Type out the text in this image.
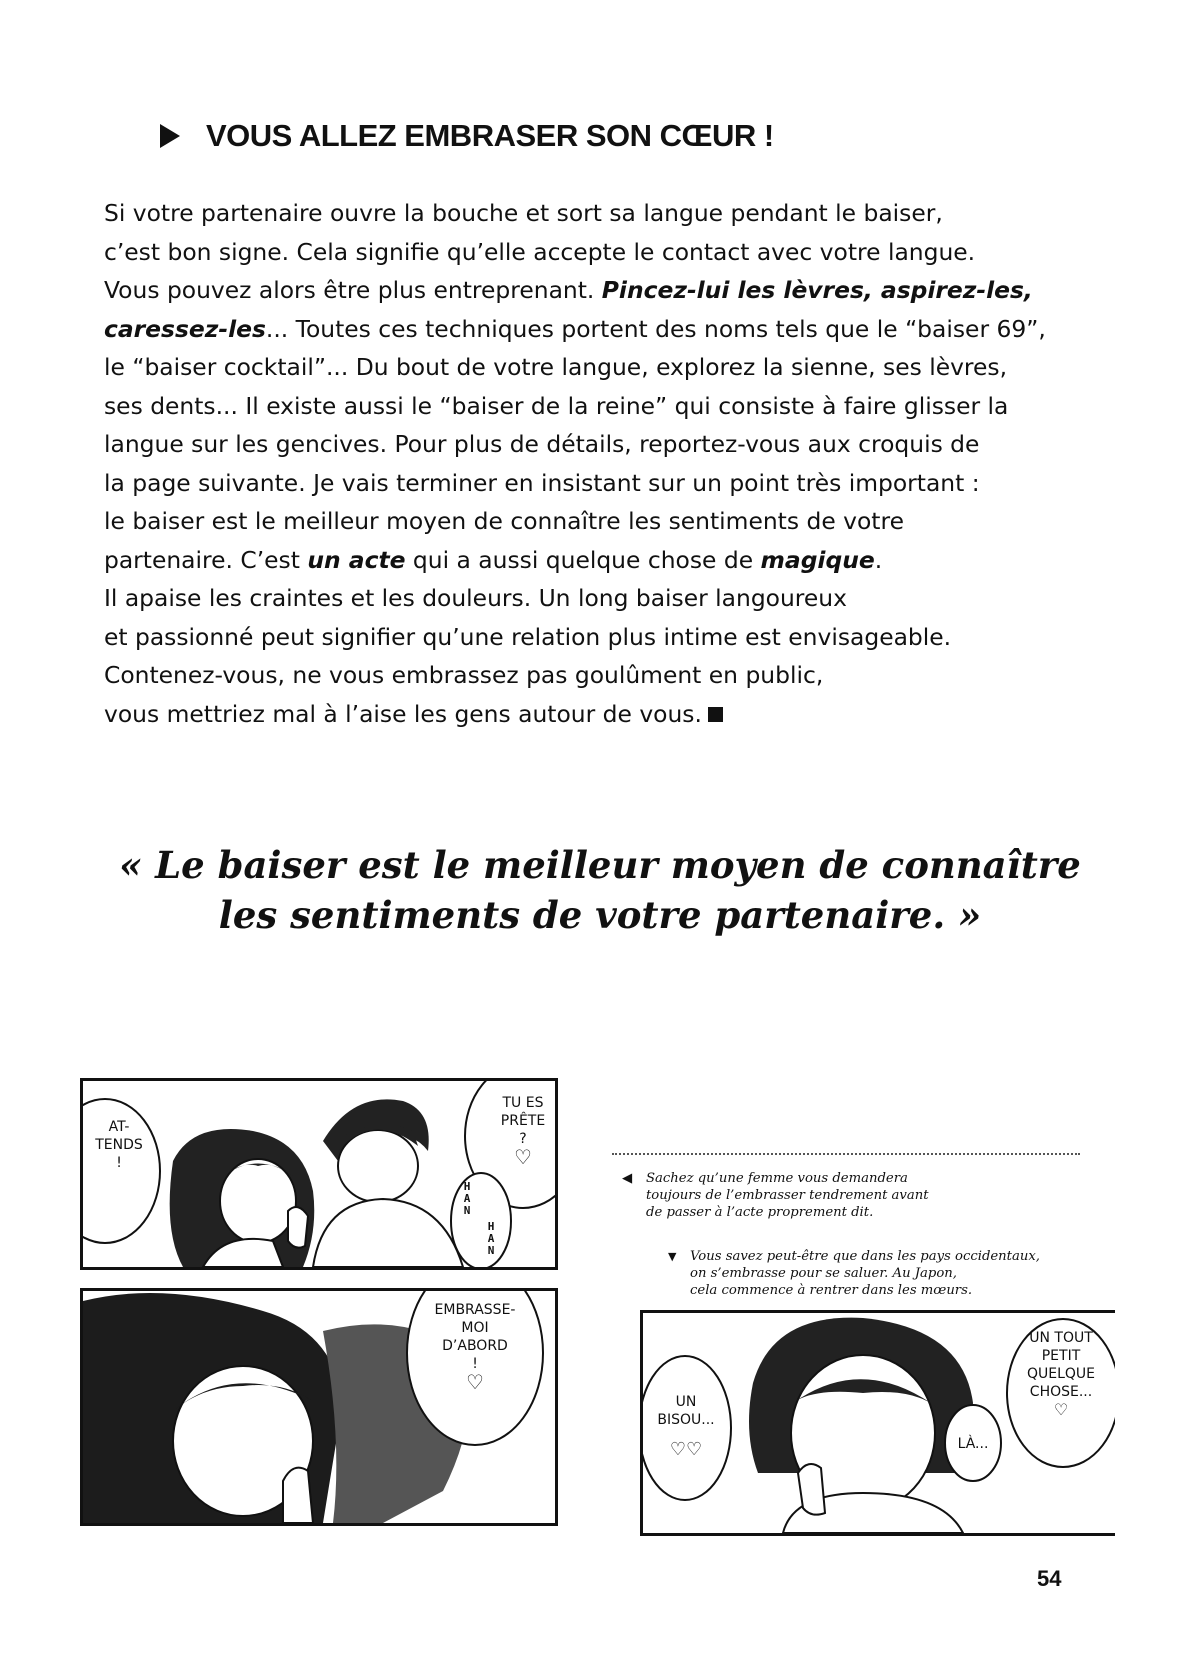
VOUS ALLEZ EMBRASER SON CŒUR !
Si votre partenaire ouvre la bouche et sort sa langue pendant le baiser,
c’est bon signe. Cela signifie qu’elle accepte le contact avec votre langue.
Vous pouvez alors être plus entreprenant. Pincez-lui les lèvres, aspirez-les,
caressez-les... Toutes ces techniques portent des noms tels que le “baiser 69”,
le “baiser cocktail”... Du bout de votre langue, explorez la sienne, ses lèvres,
ses dents... Il existe aussi le “baiser de la reine” qui consiste à faire glisser la
langue sur les gencives. Pour plus de détails, reportez-vous aux croquis de
la page suivante. Je vais terminer en insistant sur un point très important :
le baiser est le meilleur moyen de connaître les sentiments de votre
partenaire. C’est un acte qui a aussi quelque chose de magique.
Il apaise les craintes et les douleurs. Un long baiser langoureux
et passionné peut signifier qu’une relation plus intime est envisageable.
Contenez-vous, ne vous embrassez pas goulûment en public,
vous mettriez mal à l’aise les gens autour de vous.
« Le baiser est le meilleur moyen de connaître
les sentiments de votre partenaire. »
AT-
TENDS
!
TU ES
PRÊTE
?
♡
HAN
HAN
EMBRASSE-
MOI
D’ABORD
!
♡
◀ Sachez qu’une femme vous demandera
toujours de l’embrasser tendrement avant
de passer à l’acte proprement dit.
▼ Vous savez peut-être que dans les pays occidentaux,
on s’embrasse pour se saluer. Au Japon,
cela commence à rentrer dans les mœurs.
UN
BISOU...
♡♡	LÀ...
UN TOUT
PETIT
QUELQUE
CHOSE...
♡
54
